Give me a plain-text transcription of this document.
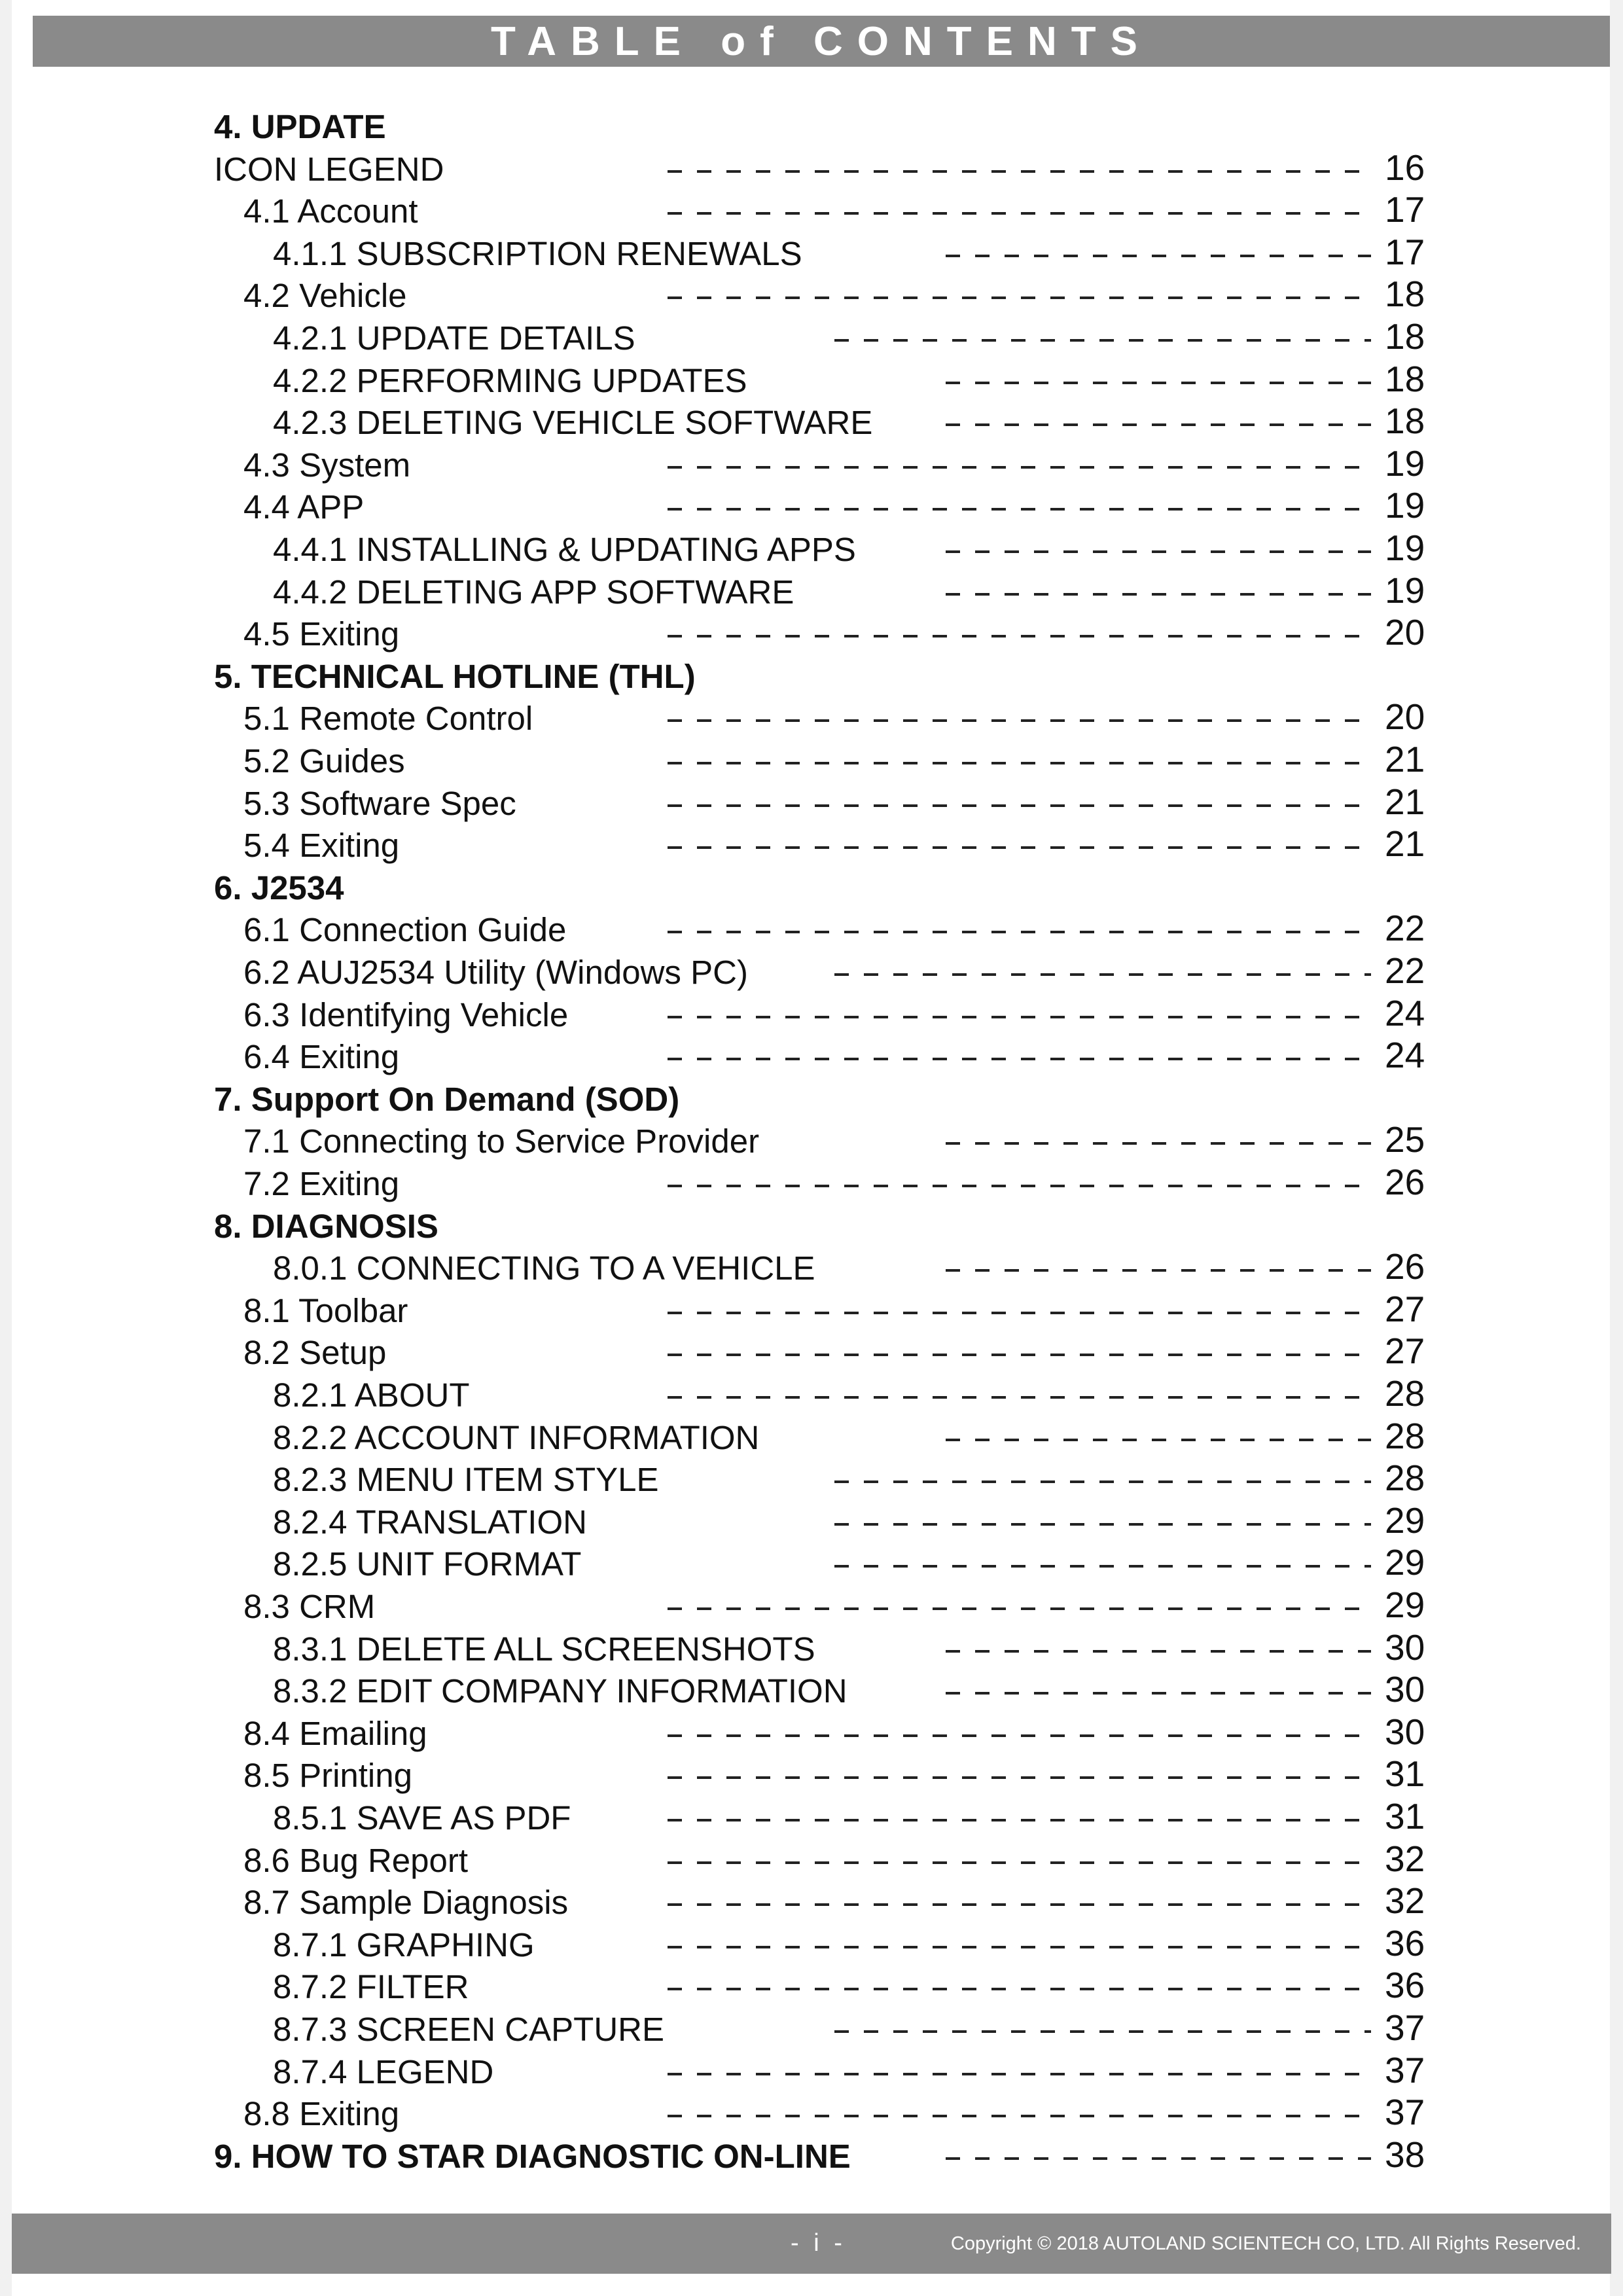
TABLE of CONTENTS
4. UPDATE
ICON LEGEND	16
4.1 Account	17
4.1.1 SUBSCRIPTION RENEWALS	17
4.2 Vehicle	18
4.2.1 UPDATE DETAILS	18
4.2.2 PERFORMING UPDATES	18
4.2.3 DELETING VEHICLE SOFTWARE	18
4.3 System	19
4.4 APP	19
4.4.1 INSTALLING & UPDATING APPS	19
4.4.2 DELETING APP SOFTWARE	19
4.5 Exiting	20
5. TECHNICAL HOTLINE (THL)
5.1 Remote Control	20
5.2 Guides	21
5.3 Software Spec	21
5.4 Exiting	21
6. J2534
6.1 Connection Guide	22
6.2 AUJ2534 Utility (Windows PC)	22
6.3 Identifying Vehicle	24
6.4 Exiting	24
7. Support On Demand (SOD)
7.1 Connecting to Service Provider	25
7.2 Exiting	26
8. DIAGNOSIS
8.0.1 CONNECTING TO A VEHICLE	26
8.1 Toolbar	27
8.2 Setup	27
8.2.1 ABOUT	28
8.2.2 ACCOUNT INFORMATION	28
8.2.3 MENU ITEM STYLE	28
8.2.4 TRANSLATION	29
8.2.5 UNIT FORMAT	29
8.3 CRM	29
8.3.1 DELETE ALL SCREENSHOTS	30
8.3.2 EDIT COMPANY INFORMATION	30
8.4 Emailing	30
8.5 Printing	31
8.5.1 SAVE AS PDF	31
8.6 Bug Report	32
8.7 Sample Diagnosis	32
8.7.1 GRAPHING	36
8.7.2 FILTER	36
8.7.3 SCREEN CAPTURE	37
8.7.4 LEGEND	37
8.8 Exiting	37
9. HOW TO STAR DIAGNOSTIC ON-LINE	38
- i -	Copyright © 2018 AUTOLAND SCIENTECH CO, LTD. All Rights Reserved.
